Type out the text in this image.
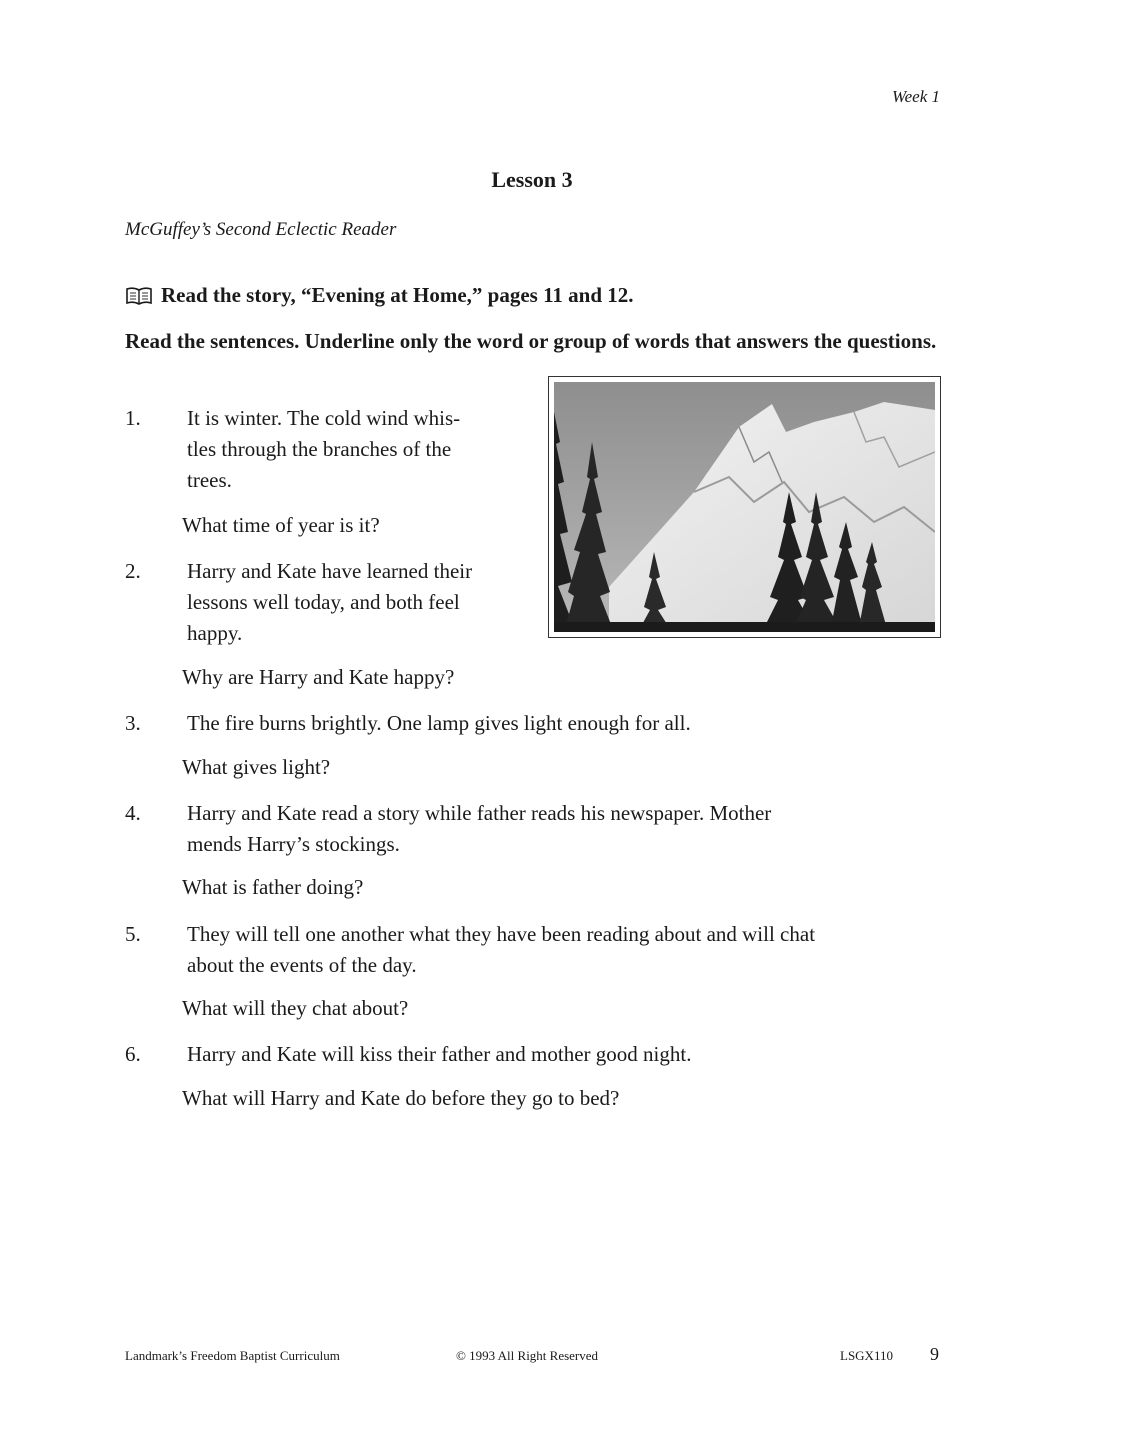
Week 1
Lesson 3
McGuffey’s Second Eclectic Reader
Read the story, “Evening at Home,” pages 11 and 12.
Read the sentences. Underline only the word or group of words that answers the questions.
1. It is winter. The cold wind whis-
tles through the branches of the
trees.
What time of year is it?
2. Harry and Kate have learned their
lessons well today, and both feel
happy.
Why are Harry and Kate happy?
3. The fire burns brightly. One lamp gives light enough for all.
What gives light?
4. Harry and Kate read a story while father reads his newspaper. Mother
mends Harry’s stockings.
What is father doing?
5. They will tell one another what they have been reading about and will chat
about the events of the day.
What will they chat about?
6. Harry and Kate will kiss their father and mother good night.
What will Harry and Kate do before they go to bed?
Landmark’s Freedom Baptist Curriculum	© 1993 All Right Reserved	LSGX110 9
